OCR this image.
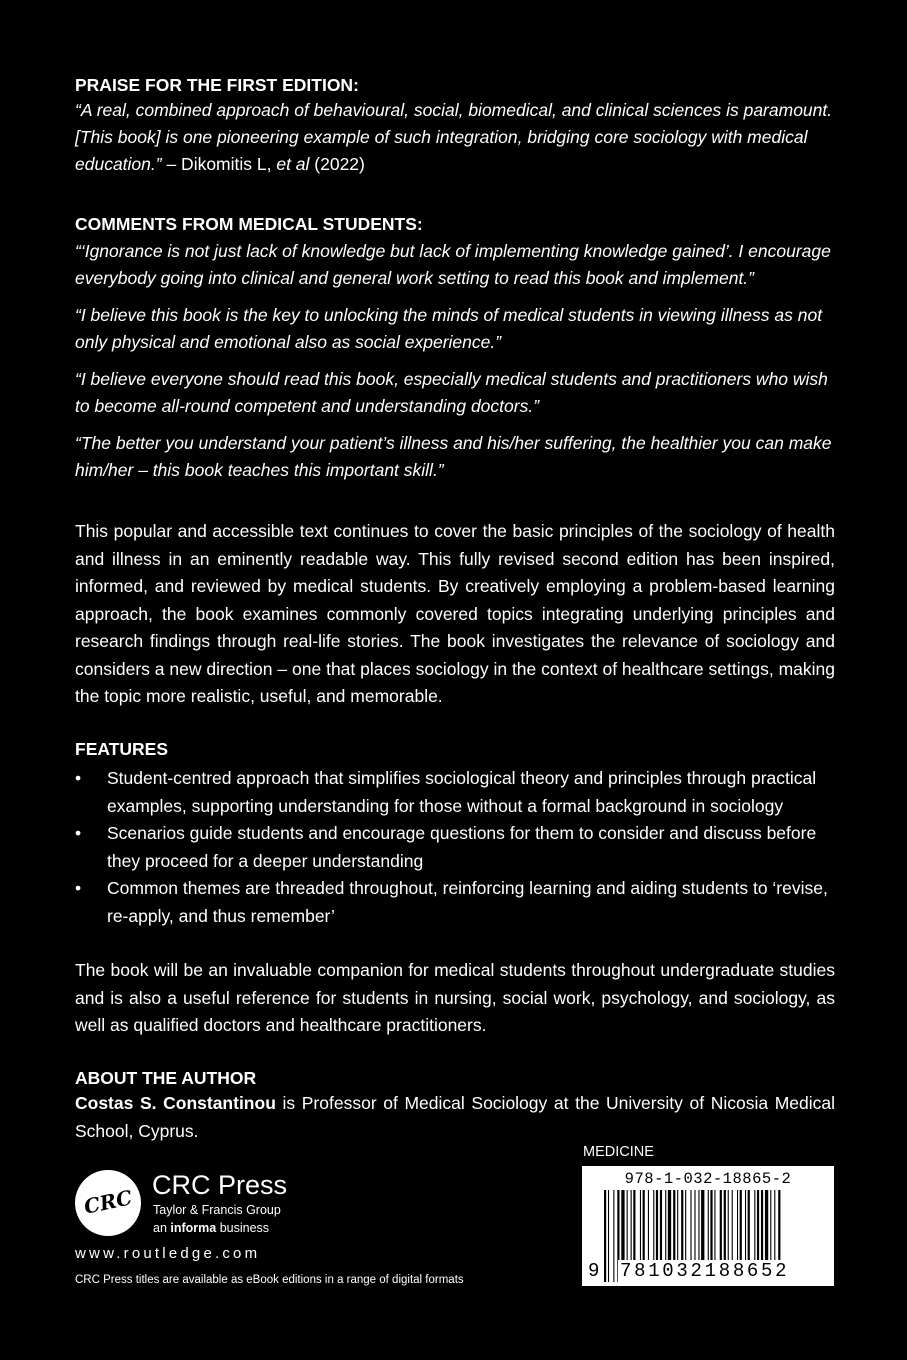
PRAISE FOR THE FIRST EDITION:

“A real, combined approach of behavioural, social, biomedical, and clinical sciences is paramount.

[This book] is one pioneering example of such integration, bridging core sociology with medical

education.” – Dikomitis L, et al (2022)

COMMENTS FROM MEDICAL STUDENTS:

“‘Ignorance is not just lack of knowledge but lack of implementing knowledge gained’. I encourage

everybody going into clinical and general work setting to read this book and implement.”

“I believe this book is the key to unlocking the minds of medical students in viewing illness as not

only physical and emotional also as social experience.”

“I believe everyone should read this book, especially medical students and practitioners who wish

to become all-round competent and understanding doctors.”

“The better you understand your patient’s illness and his/her suffering, the healthier you can make

him/her – this book teaches this important skill.”

This popular and accessible text continues to cover the basic principles of the sociology of health and illness in an eminently readable way. This fully revised second edition has been inspired, informed, and reviewed by medical students. By creatively employing a problem-based learning approach, the book examines commonly covered topics integrating underlying principles and research findings through real-life stories. The book investigates the relevance of sociology and considers a new direction – one that places sociology in the context of healthcare settings, making the topic more realistic, useful, and memorable.

FEATURES

• Student-centred approach that simplifies sociological theory and principles through practical examples, supporting understanding for those without a formal background in sociology
• Scenarios guide students and encourage questions for them to consider and discuss before they proceed for a deeper understanding
• Common themes are threaded throughout, reinforcing learning and aiding students to ‘revise, re-apply, and thus remember’

The book will be an invaluable companion for medical students throughout undergraduate studies and is also a useful reference for students in nursing, social work, psychology, and sociology, as well as qualified doctors and healthcare practitioners.

ABOUT THE AUTHOR

Costas S. Constantinou is Professor of Medical Sociology at the University of Nicosia Medical School, Cyprus.

CRC
CRC Press
Taylor & Francis Group
an informa business
www.routledge.com
CRC Press titles are available as eBook editions in a range of digital formats
MEDICINE
978-1-032-18865-2
9 781032188652
